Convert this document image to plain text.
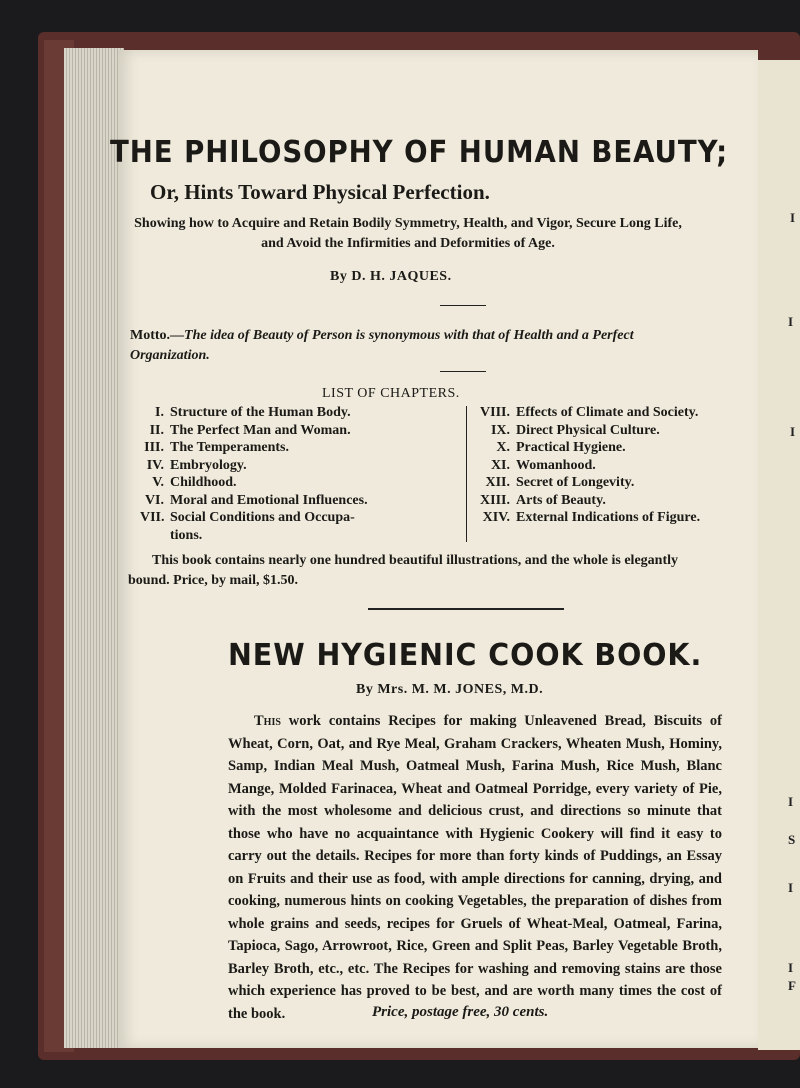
I
I
I
I
S
I
I
F
THE PHILOSOPHY OF HUMAN BEAUTY;
Or, Hints Toward Physical Perfection.
Showing how to Acquire and Retain Bodily Symmetry, Health, and Vigor, Secure Long Life, and Avoid the Infirmities and Deformities of Age.
By D. H. JAQUES.
Motto.—The idea of Beauty of Person is synonymous with that of Health and a Perfect Organization.
LIST OF CHAPTERS.
I. Structure of the Human Body.
II. The Perfect Man and Woman.
III. The Temperaments.
IV. Embryology.
V. Childhood.
VI. Moral and Emotional Influences.
VII. Social Conditions and Occupa-
tions.
VIII. Effects of Climate and Society.
IX. Direct Physical Culture.
X. Practical Hygiene.
XI. Womanhood.
XII. Secret of Longevity.
XIII. Arts of Beauty.
XIV. External Indications of Figure.
This book contains nearly one hundred beautiful illustrations, and the whole is elegantly bound. Price, by mail, $1.50.
NEW HYGIENIC COOK BOOK.
By Mrs. M. M. JONES, M.D.
This work contains Recipes for making Unleavened Bread, Biscuits of Wheat, Corn, Oat, and Rye Meal, Graham Crackers, Wheaten Mush, Hominy, Samp, Indian Meal Mush, Oatmeal Mush, Farina Mush, Rice Mush, Blanc Mange, Molded Farinacea, Wheat and Oatmeal Porridge, every variety of Pie, with the most wholesome and delicious crust, and directions so minute that those who have no acquaintance with Hygienic Cookery will find it easy to carry out the details. Recipes for more than forty kinds of Puddings, an Essay on Fruits and their use as food, with ample directions for canning, drying, and cooking, numerous hints on cooking Vegetables, the preparation of dishes from whole grains and seeds, recipes for Gruels of Wheat-Meal, Oatmeal, Farina, Tapioca, Sago, Arrowroot, Rice, Green and Split Peas, Barley Vegetable Broth, Barley Broth, etc., etc. The Recipes for washing and removing stains are those which experience has proved to be best, and are worth many times the cost of the book.	Price, postage free, 30 cents.
